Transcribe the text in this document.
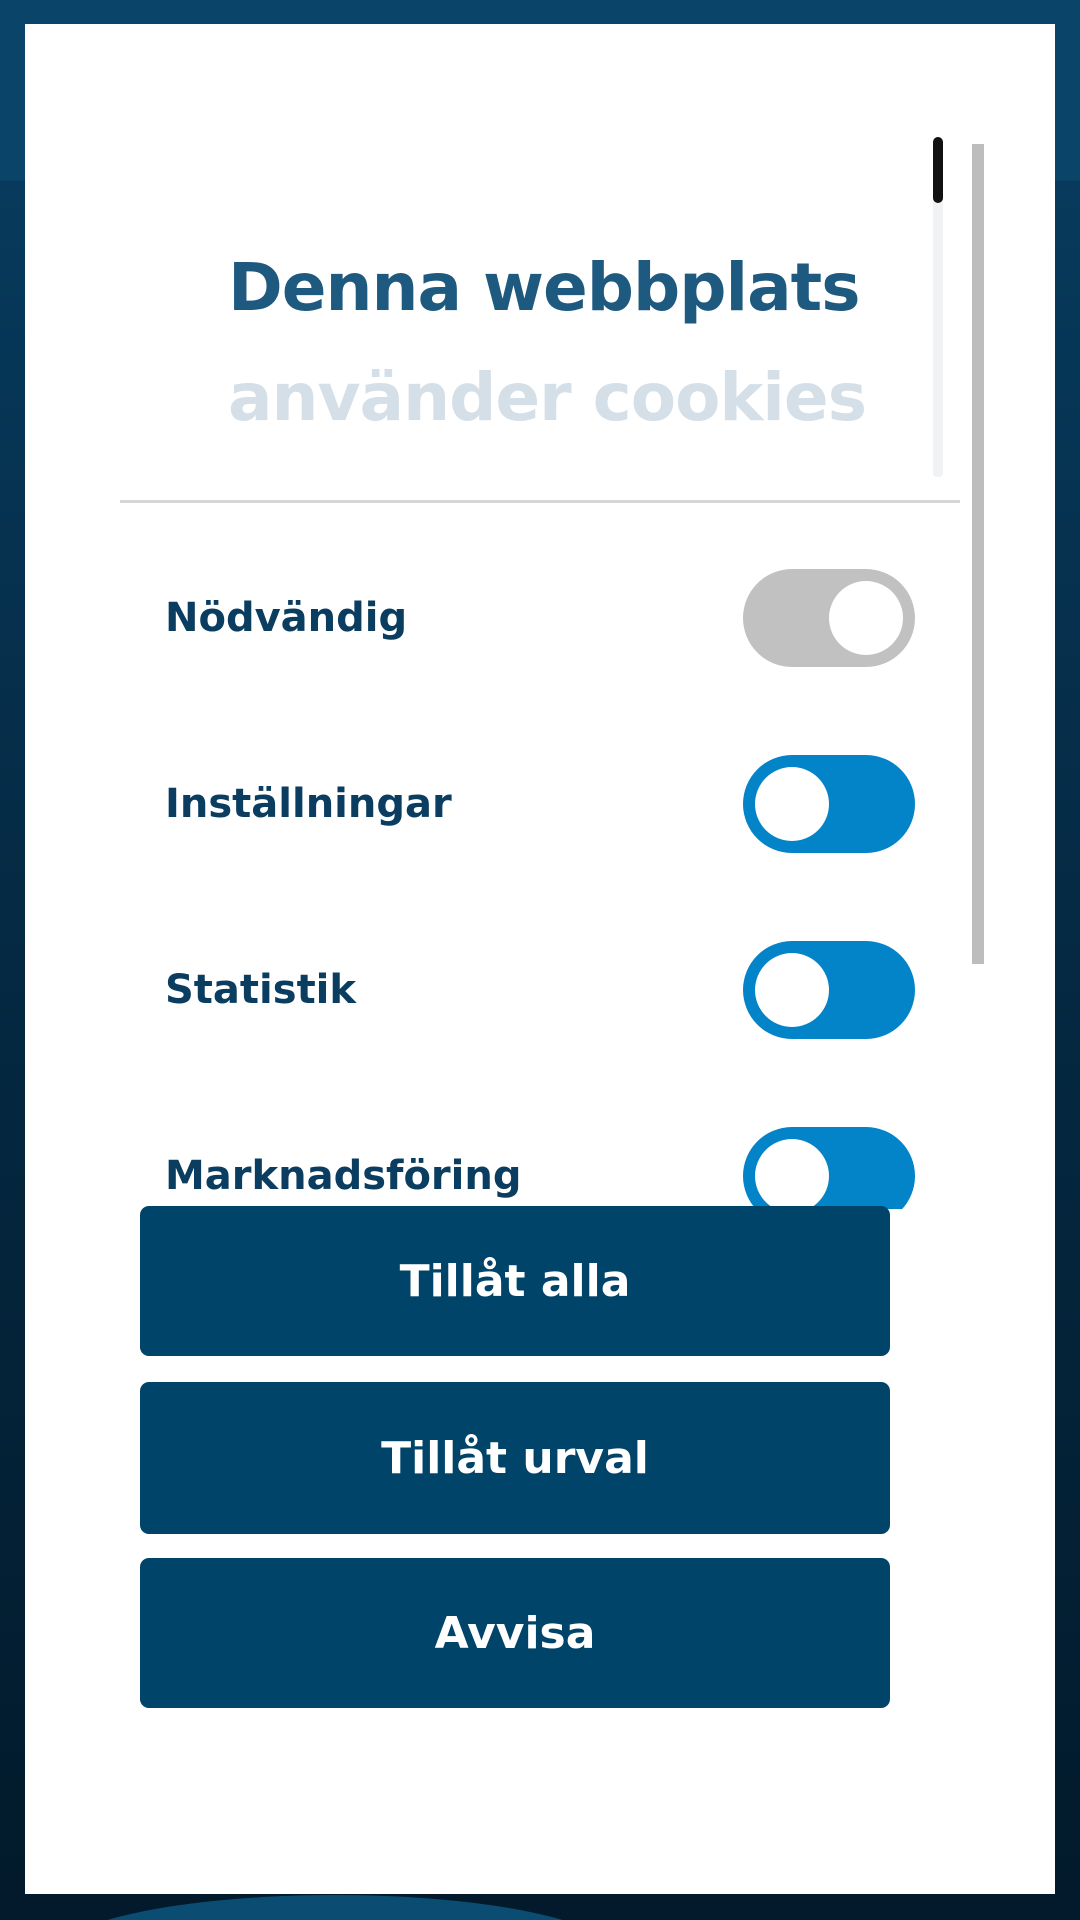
Denna webbplats
använder cookies
Nödvändig
Inställningar
Statistik
Marknadsföring
Tillåt alla
Tillåt urval
Avvisa
